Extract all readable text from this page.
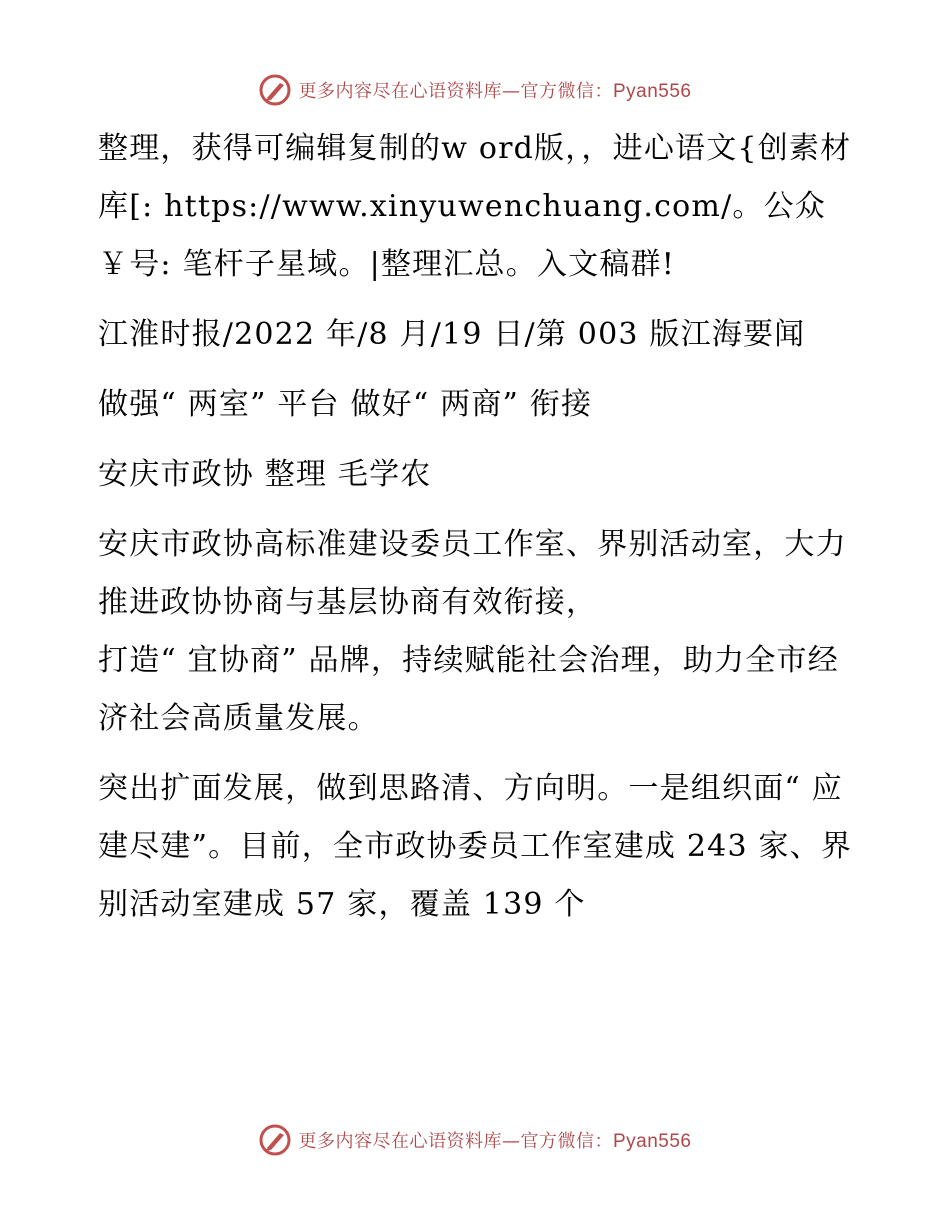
更多内容尽在心语资料库—官方微信：Pyan556

整理，获得可编辑复制的w ord版，，进心语文{创素材库[: https://www.xinyuwenchuang.com/。公众￥号: 笔杆子星域。|整理汇总。入文稿群!

江淮时报/2022 年/8 月/19 日/第 003 版江海要闻

做强“ 两室” 平台 做好“ 两商” 衔接

安庆市政协 整理 毛学农

安庆市政协高标准建设委员工作室、界别活动室，大力推进政协协商与基层协商有效衔接，

打造“ 宜协商” 品牌，持续赋能社会治理，助力全市经济社会高质量发展。

突出扩面发展，做到思路清、方向明。一是组织面“ 应建尽建”。目前，全市政协委员工作室建成 243 家、界别活动室建成 57 家，覆盖 139 个

更多内容尽在心语资料库—官方微信：Pyan556
